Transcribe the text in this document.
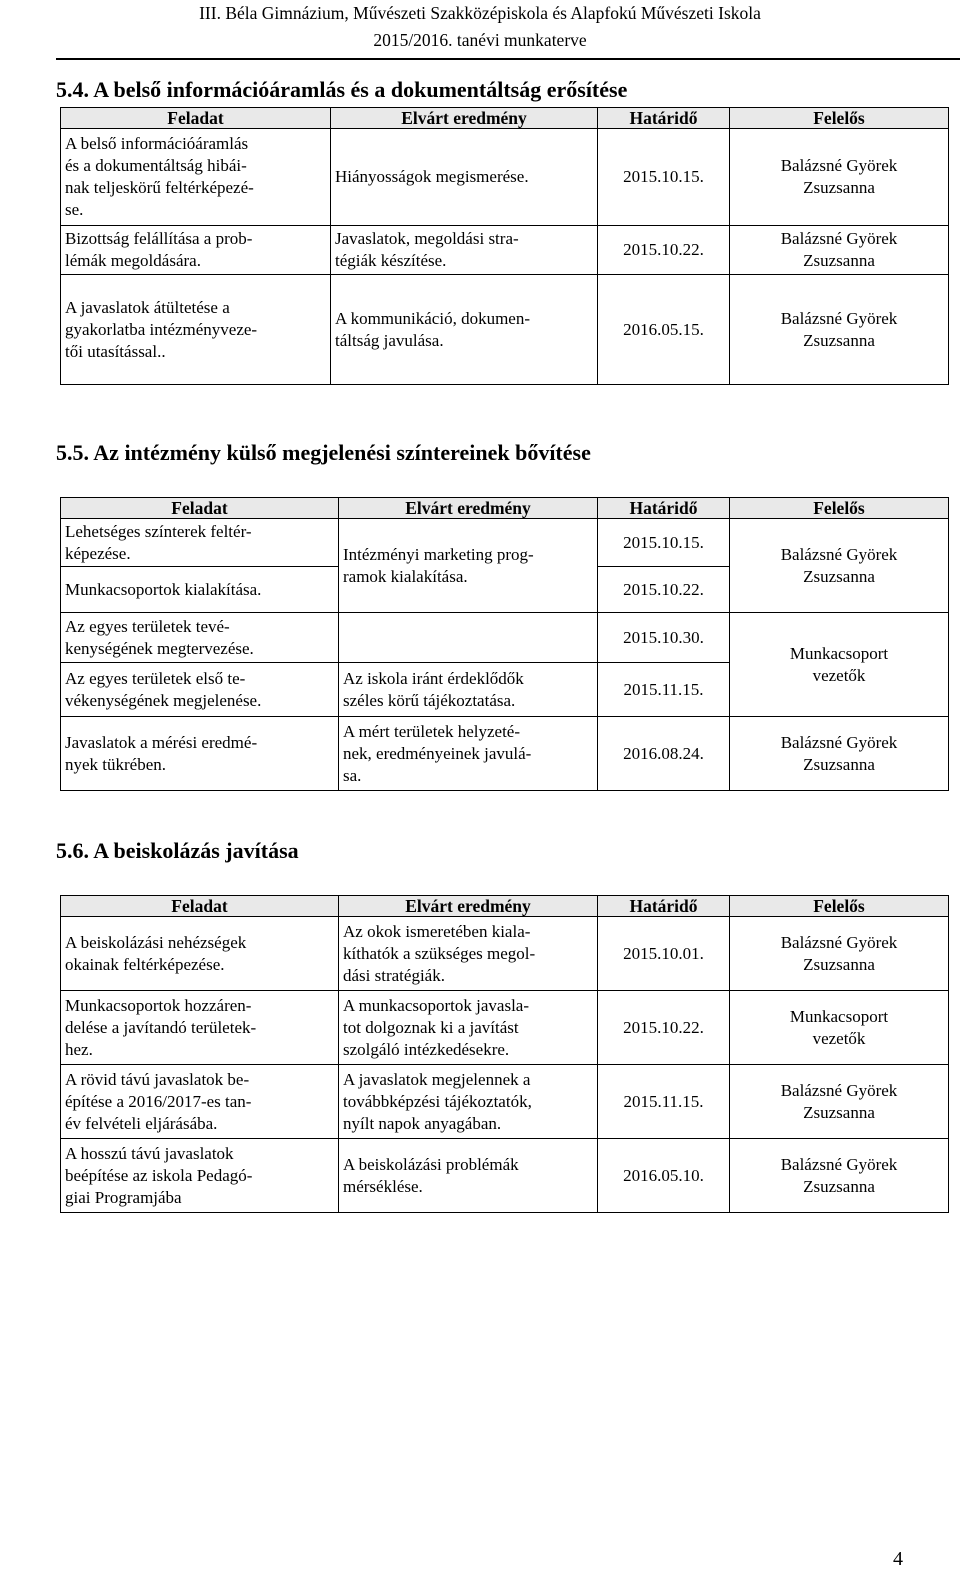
III. Béla Gimnázium, Művészeti Szakközépiskola és Alapfokú Művészeti Iskola
2015/2016. tanévi munkaterve
5.4. A belső információáramlás és a dokumentáltság erősítése
Feladat	Elvárt eredmény	Határidő	Felelős
A belső információáramlás
és a dokumentáltság hibái-
nak teljeskörű feltérképezé-
se.	Hiányosságok megismerése.	2015.10.15.	Balázsné Györek
Zsuzsanna
Bizottság felállítása a prob-
lémák megoldására.	Javaslatok, megoldási stra-
tégiák készítése.	2015.10.22.	Balázsné Györek
Zsuzsanna
A javaslatok átültetése a
gyakorlatba intézményveze-
tői utasítással..	A kommunikáció, dokumen-
táltság javulása.	2016.05.15.	Balázsné Györek
Zsuzsanna
5.5. Az intézmény külső megjelenési színtereinek bővítése
Feladat	Elvárt eredmény	Határidő	Felelős
Lehetséges színterek feltér-
képezése.	Intézményi marketing prog-
ramok kialakítása.	2015.10.15.	Balázsné Györek
Zsuzsanna
Munkacsoportok kialakítása.		2015.10.22.	
Az egyes területek tevé-
kenységének megtervezése.		2015.10.30.	Munkacsoport
vezetők
Az egyes területek első te-
vékenységének megjelenése.	Az iskola iránt érdeklődők
széles körű tájékoztatása.	2015.11.15.	
Javaslatok a mérési eredmé-
nyek tükrében.	A mért területek helyzeté-
nek, eredményeinek javulá-
sa.	2016.08.24.	Balázsné Györek
Zsuzsanna
5.6. A beiskolázás javítása
Feladat	Elvárt eredmény	Határidő	Felelős
A beiskolázási nehézségek
okainak feltérképezése.	Az okok ismeretében kiala-
kíthatók a szükséges megol-
dási stratégiák.	2015.10.01.	Balázsné Györek
Zsuzsanna
Munkacsoportok hozzáren-
delése a javítandó területek-
hez.	A munkacsoportok javasla-
tot dolgoznak ki a javítást
szolgáló intézkedésekre.	2015.10.22.	Munkacsoport
vezetők
A rövid távú javaslatok be-
építése a 2016/2017-es tan-
év felvételi eljárásába.	A javaslatok megjelennek a
továbbképzési tájékoztatók,
nyílt napok anyagában.	2015.11.15.	Balázsné Györek
Zsuzsanna
A hosszú távú javaslatok
beépítése az iskola Pedagó-
giai Programjába	A beiskolázási problémák
mérséklése.	2016.05.10.	Balázsné Györek
Zsuzsanna
4
